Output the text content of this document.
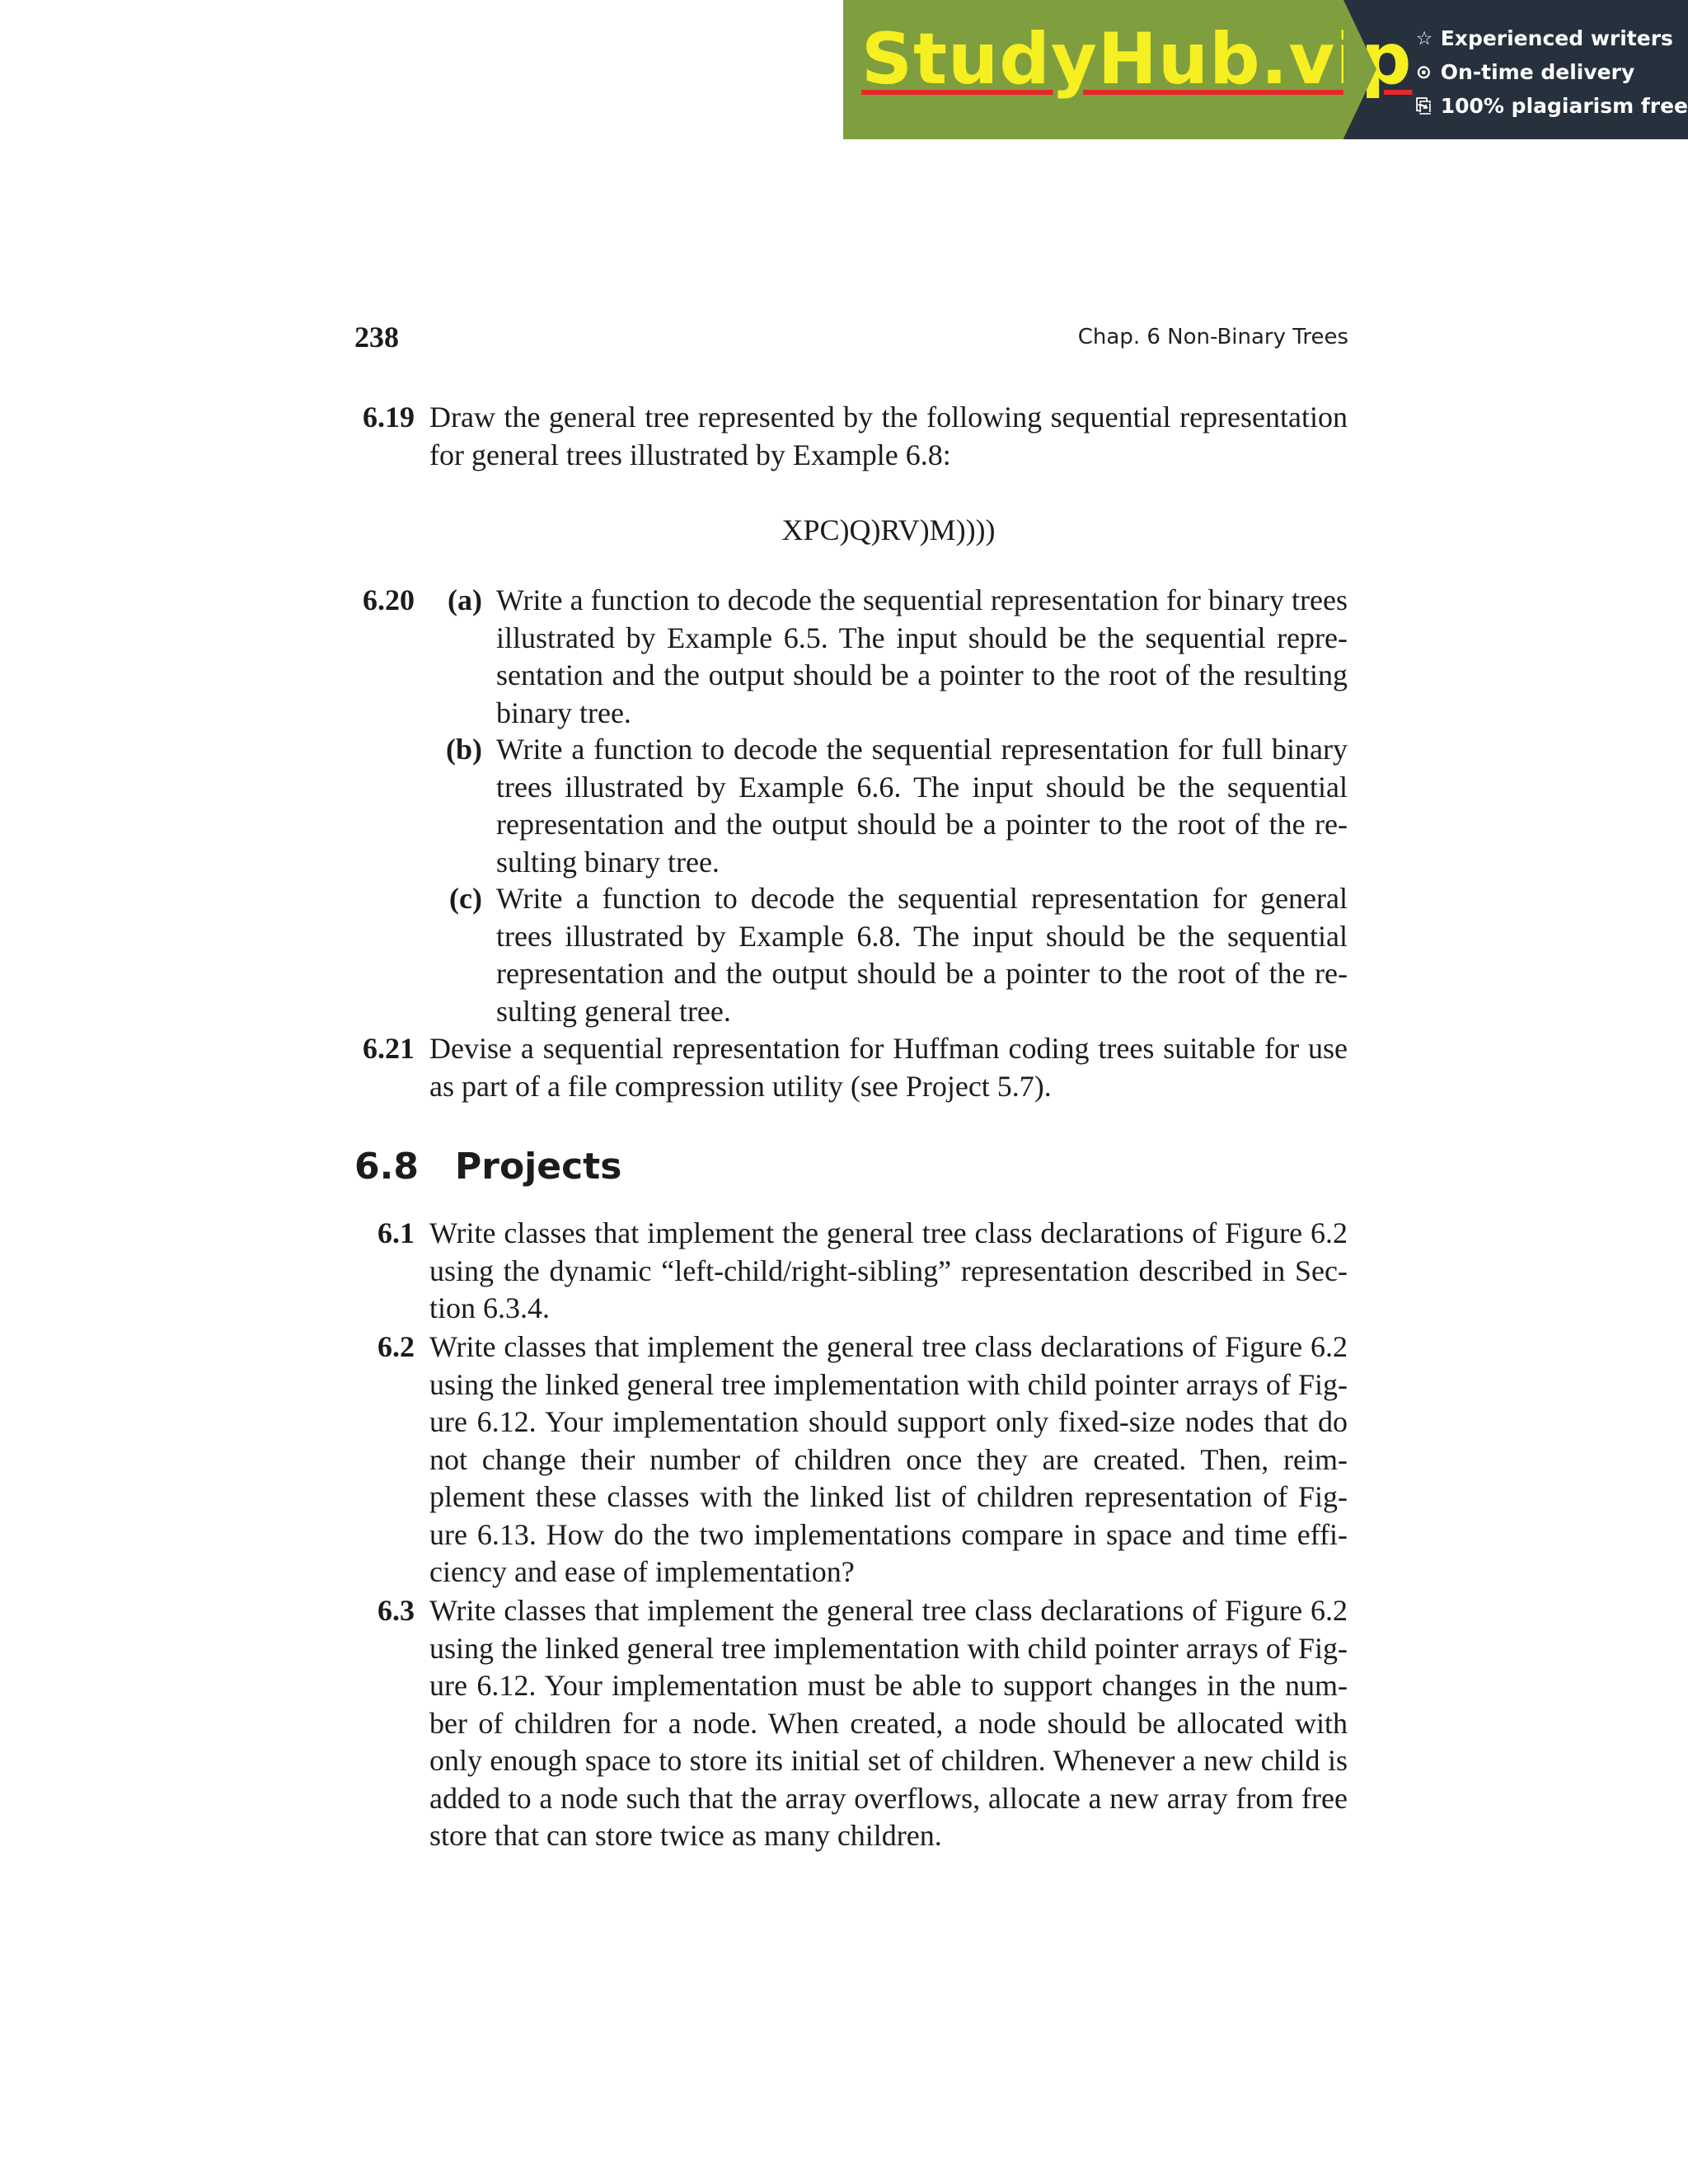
StudyHub.vip ☆ Experienced writers
⊙ On-time delivery
⎘ 100% plagiarism free
238	Chap. 6 Non-Binary Trees
6.19 Draw the general tree represented by the following sequential representation for general trees illustrated by Example 6.8:
XPC)Q)RV)M))))
6.20	(a) Write a function to decode the sequential representation for binary trees illustrated by Example 6.5. The input should be the sequential repre-sentation and the output should be a pointer to the root of the resulting binary tree.
(b) Write a function to decode the sequential representation for full binary trees illustrated by Example 6.6. The input should be the sequential representation and the output should be a pointer to the root of the re-sulting binary tree.
(c) Write a function to decode the sequential representation for general trees illustrated by Example 6.8. The input should be the sequential representation and the output should be a pointer to the root of the re-sulting general tree.
6.21 Devise a sequential representation for Huffman coding trees suitable for use as part of a file compression utility (see Project 5.7).
6.8 Projects
6.1 Write classes that implement the general tree class declarations of Figure 6.2 using the dynamic “left-child/right-sibling” representation described in Sec-tion 6.3.4.
6.2 Write classes that implement the general tree class declarations of Figure 6.2 using the linked general tree implementation with child pointer arrays of Fig-ure 6.12. Your implementation should support only fixed-size nodes that do not change their number of children once they are created. Then, reim-plement these classes with the linked list of children representation of Fig-ure 6.13. How do the two implementations compare in space and time effi-ciency and ease of implementation?
6.3 Write classes that implement the general tree class declarations of Figure 6.2 using the linked general tree implementation with child pointer arrays of Fig-ure 6.12. Your implementation must be able to support changes in the num-ber of children for a node. When created, a node should be allocated with only enough space to store its initial set of children. Whenever a new child is added to a node such that the array overflows, allocate a new array from free store that can store twice as many children.
